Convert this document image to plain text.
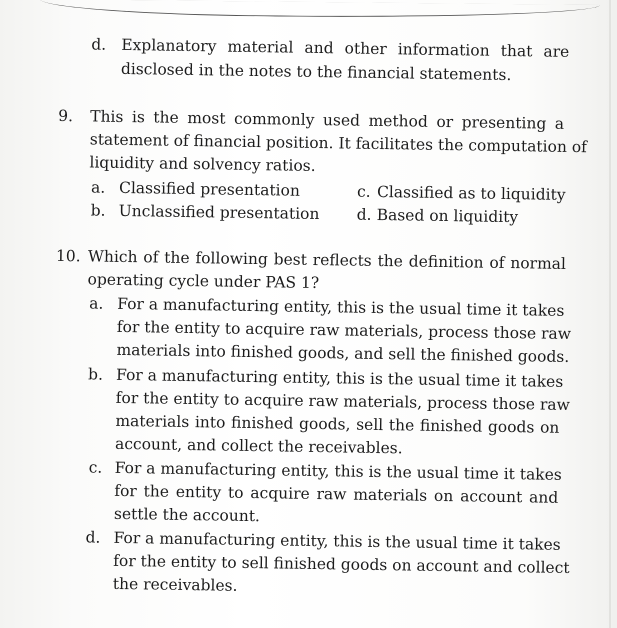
d. Explanatory material and other information that are
disclosed in the notes to the financial statements.
9. This is the most commonly used method or presenting a
statement of financial position. It facilitates the computation of
liquidity and solvency ratios.
a. Classified presentation
b. Unclassified presentation
c. Classified as to liquidity
d. Based on liquidity
10. Which of the following best reflects the definition of normal
operating cycle under PAS 1?
a. For a manufacturing entity, this is the usual time it takes
for the entity to acquire raw materials, process those raw
materials into finished goods, and sell the finished goods.
b. For a manufacturing entity, this is the usual time it takes
for the entity to acquire raw materials, process those raw
materials into finished goods, sell the finished goods on
account, and collect the receivables.
c. For a manufacturing entity, this is the usual time it takes
for the entity to acquire raw materials on account and
settle the account.
d. For a manufacturing entity, this is the usual time it takes
for the entity to sell finished goods on account and collect
the receivables.
